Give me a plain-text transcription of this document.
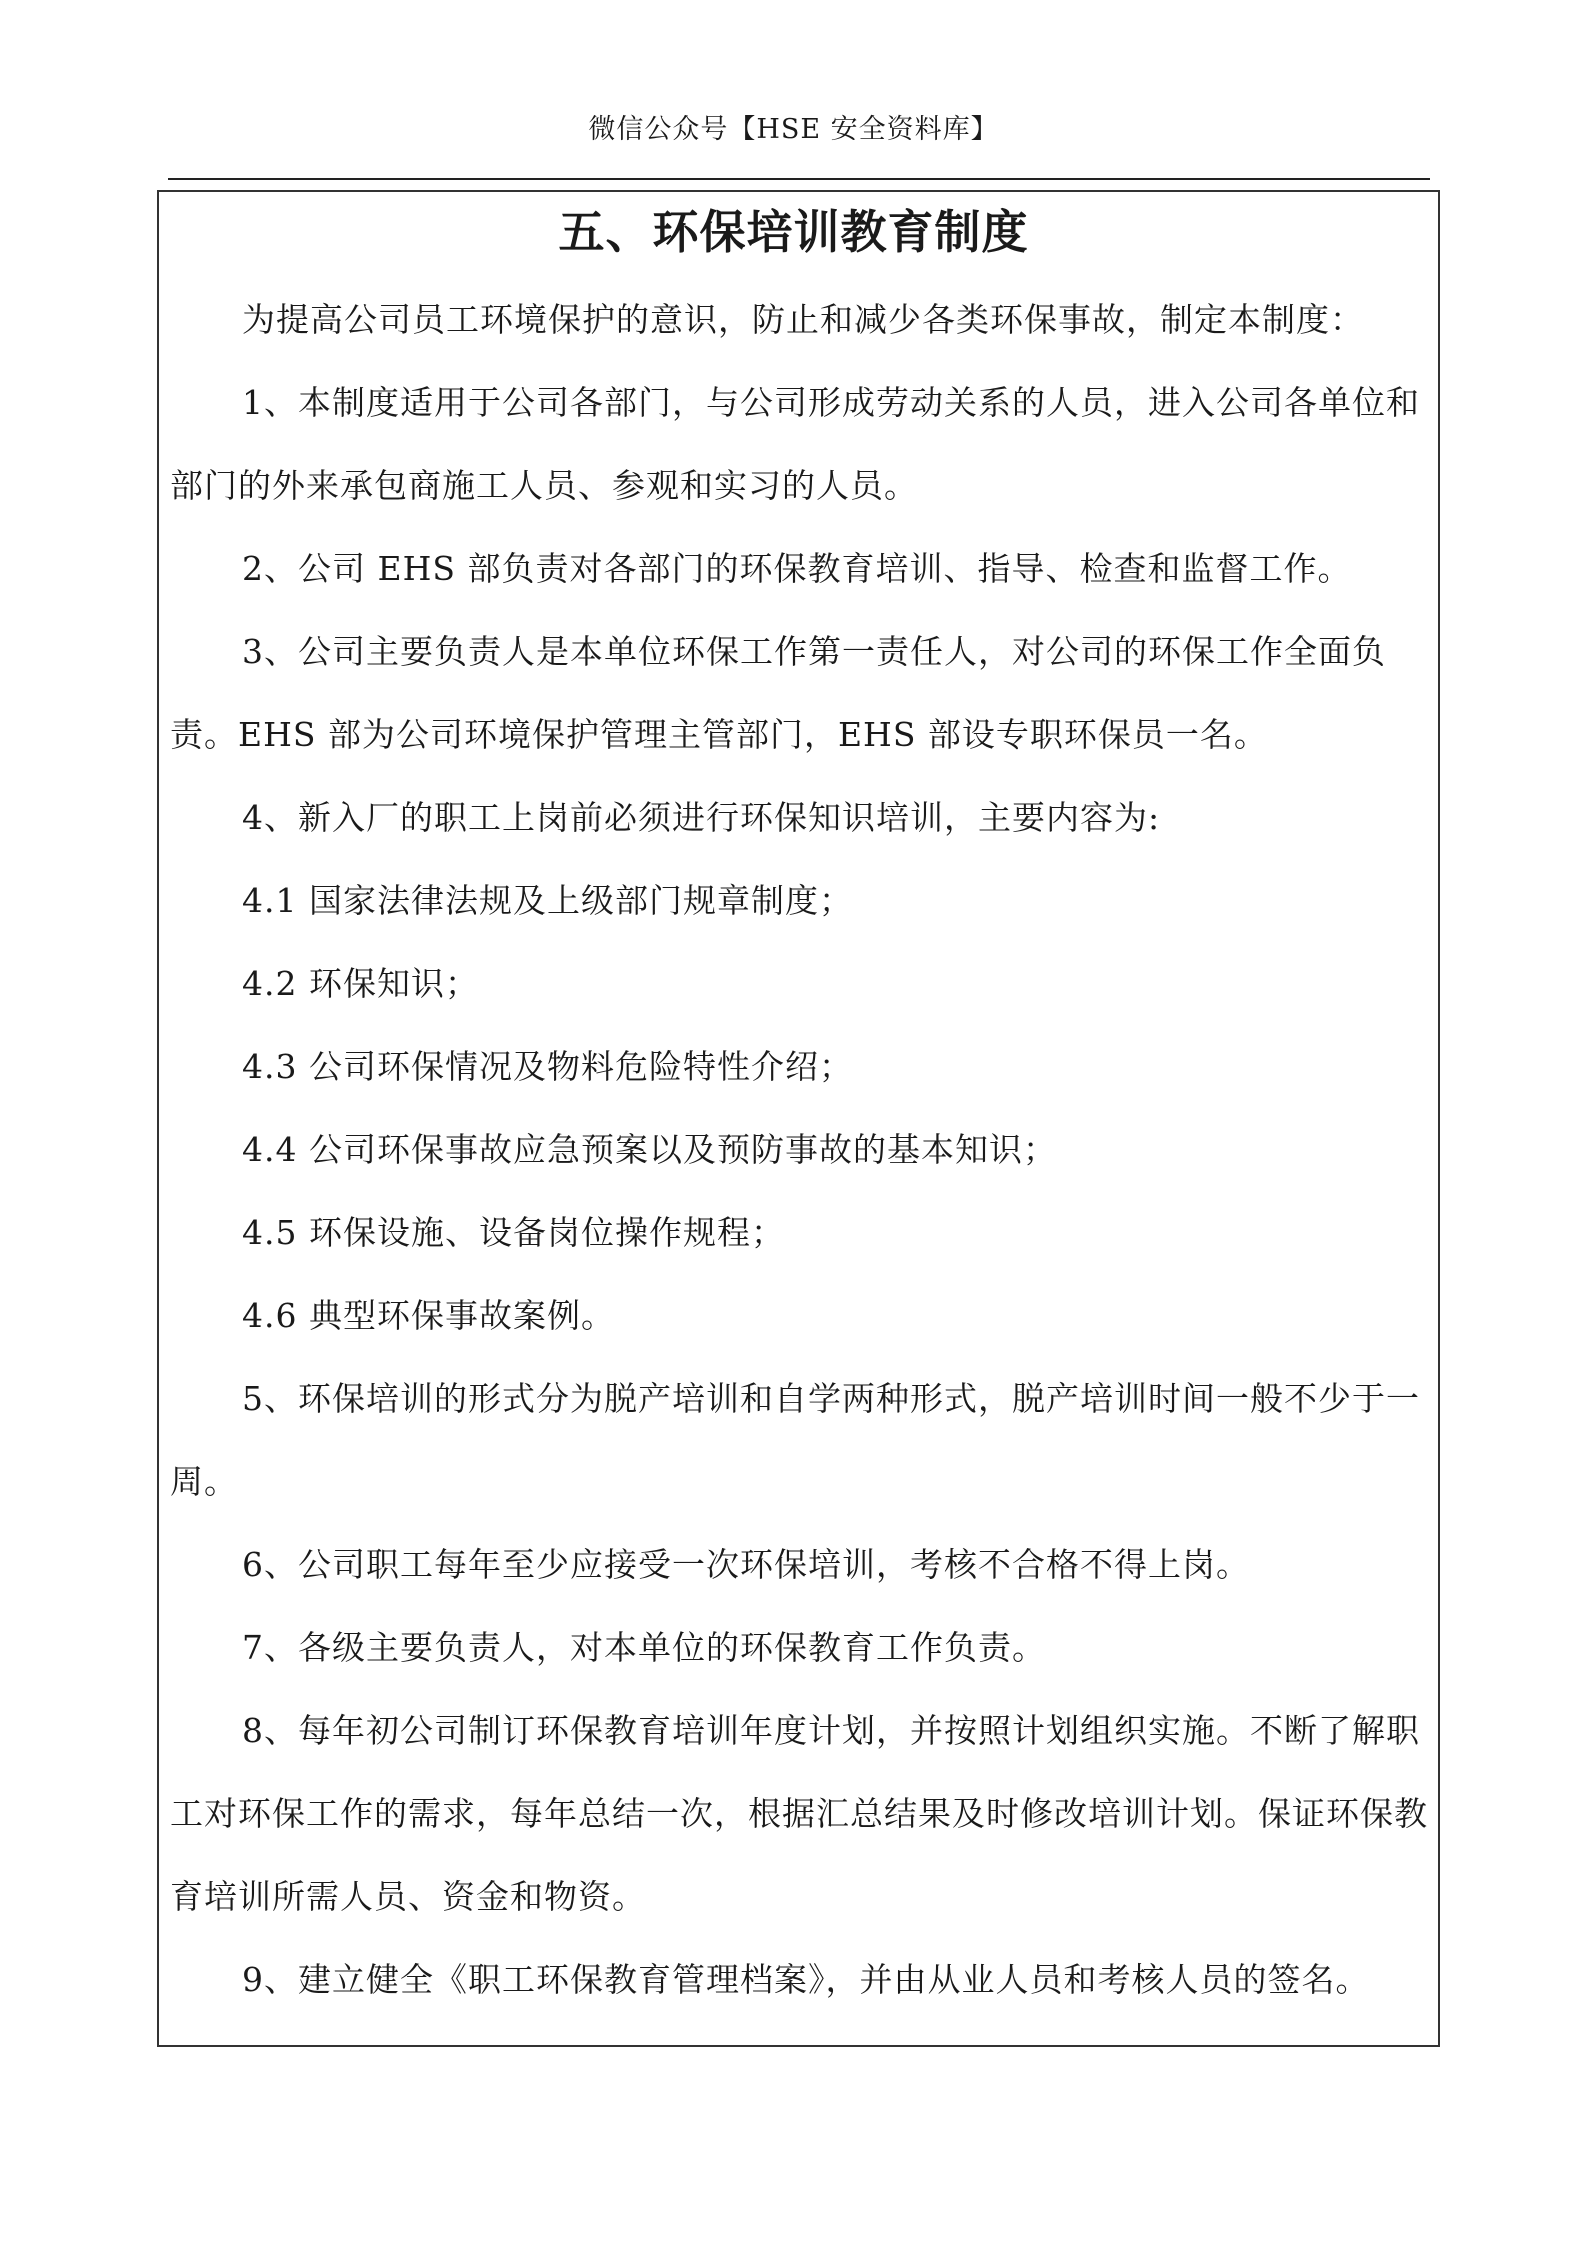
微信公众号【HSE 安全资料库】
五、环保培训教育制度

为提高公司员工环境保护的意识，防止和减少各类环保事故，制定本制度：

1、本制度适用于公司各部门，与公司形成劳动关系的人员，进入公司各单位和部门的外来承包商施工人员、参观和实习的人员。

2、公司 EHS 部负责对各部门的环保教育培训、指导、检查和监督工作。

3、公司主要负责人是本单位环保工作第一责任人，对公司的环保工作全面负责。EHS 部为公司环境保护管理主管部门，EHS 部设专职环保员一名。

4、新入厂的职工上岗前必须进行环保知识培训，主要内容为:

4.1 国家法律法规及上级部门规章制度；

4.2 环保知识；

4.3 公司环保情况及物料危险特性介绍；

4.4 公司环保事故应急预案以及预防事故的基本知识；

4.5 环保设施、设备岗位操作规程；

4.6 典型环保事故案例。

5、环保培训的形式分为脱产培训和自学两种形式，脱产培训时间一般不少于一周。

6、公司职工每年至少应接受一次环保培训，考核不合格不得上岗。

7、各级主要负责人，对本单位的环保教育工作负责。

8、每年初公司制订环保教育培训年度计划，并按照计划组织实施。不断了解职工对环保工作的需求，每年总结一次，根据汇总结果及时修改培训计划。保证环保教育培训所需人员、资金和物资。

9、建立健全《职工环保教育管理档案》，并由从业人员和考核人员的签名。
